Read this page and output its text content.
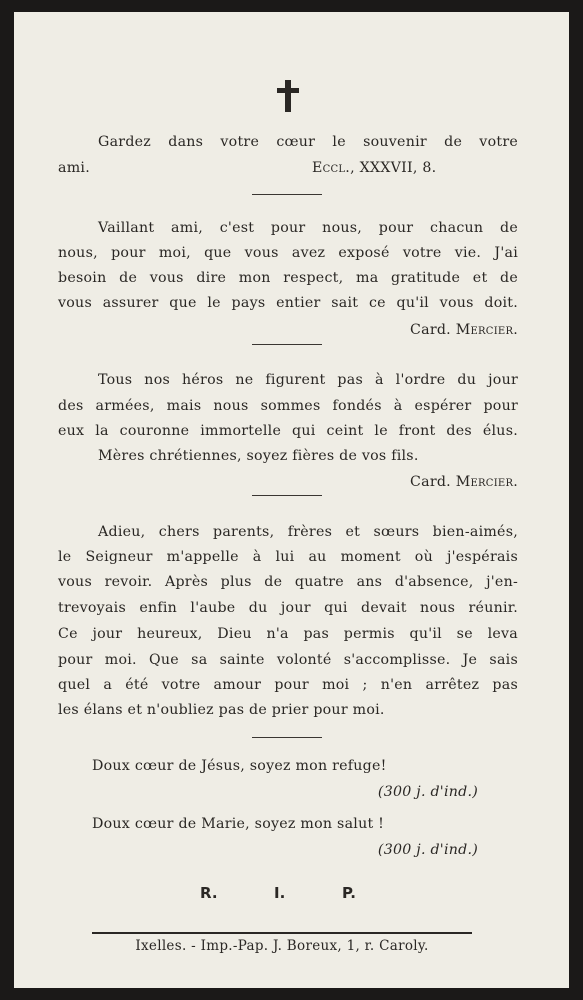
Gardez dans votre cœur le souvenir de votre
ami.	Eccl., XXXVII, 8.
Vaillant ami, c'est pour nous, pour chacun de
nous, pour moi, que vous avez exposé votre vie. J'ai
besoin de vous dire mon respect, ma gratitude et de
vous assurer que le pays entier sait ce qu'il vous doit.
Card. Mercier.
Tous nos héros ne figurent pas à l'ordre du jour
des armées, mais nous sommes fondés à espérer pour
eux la couronne immortelle qui ceint le front des élus.
Mères chrétiennes, soyez fières de vos fils.
Card. Mercier.
Adieu, chers parents, frères et sœurs bien-aimés,
le Seigneur m'appelle à lui au moment où j'espérais
vous revoir. Après plus de quatre ans d'absence, j'en-
trevoyais enfin l'aube du jour qui devait nous réunir.
Ce jour heureux, Dieu n'a pas permis qu'il se leva
pour moi. Que sa sainte volonté s'accomplisse. Je sais
quel a été votre amour pour moi ; n'en arrêtez pas
les élans et n'oubliez pas de prier pour moi.
Doux cœur de Jésus, soyez mon refuge!
(300 j. d'ind.)
Doux cœur de Marie, soyez mon salut !
(300 j. d'ind.)
R.	I.	P.
Ixelles. - Imp.-Pap. J. Boreux, 1, r. Caroly.
